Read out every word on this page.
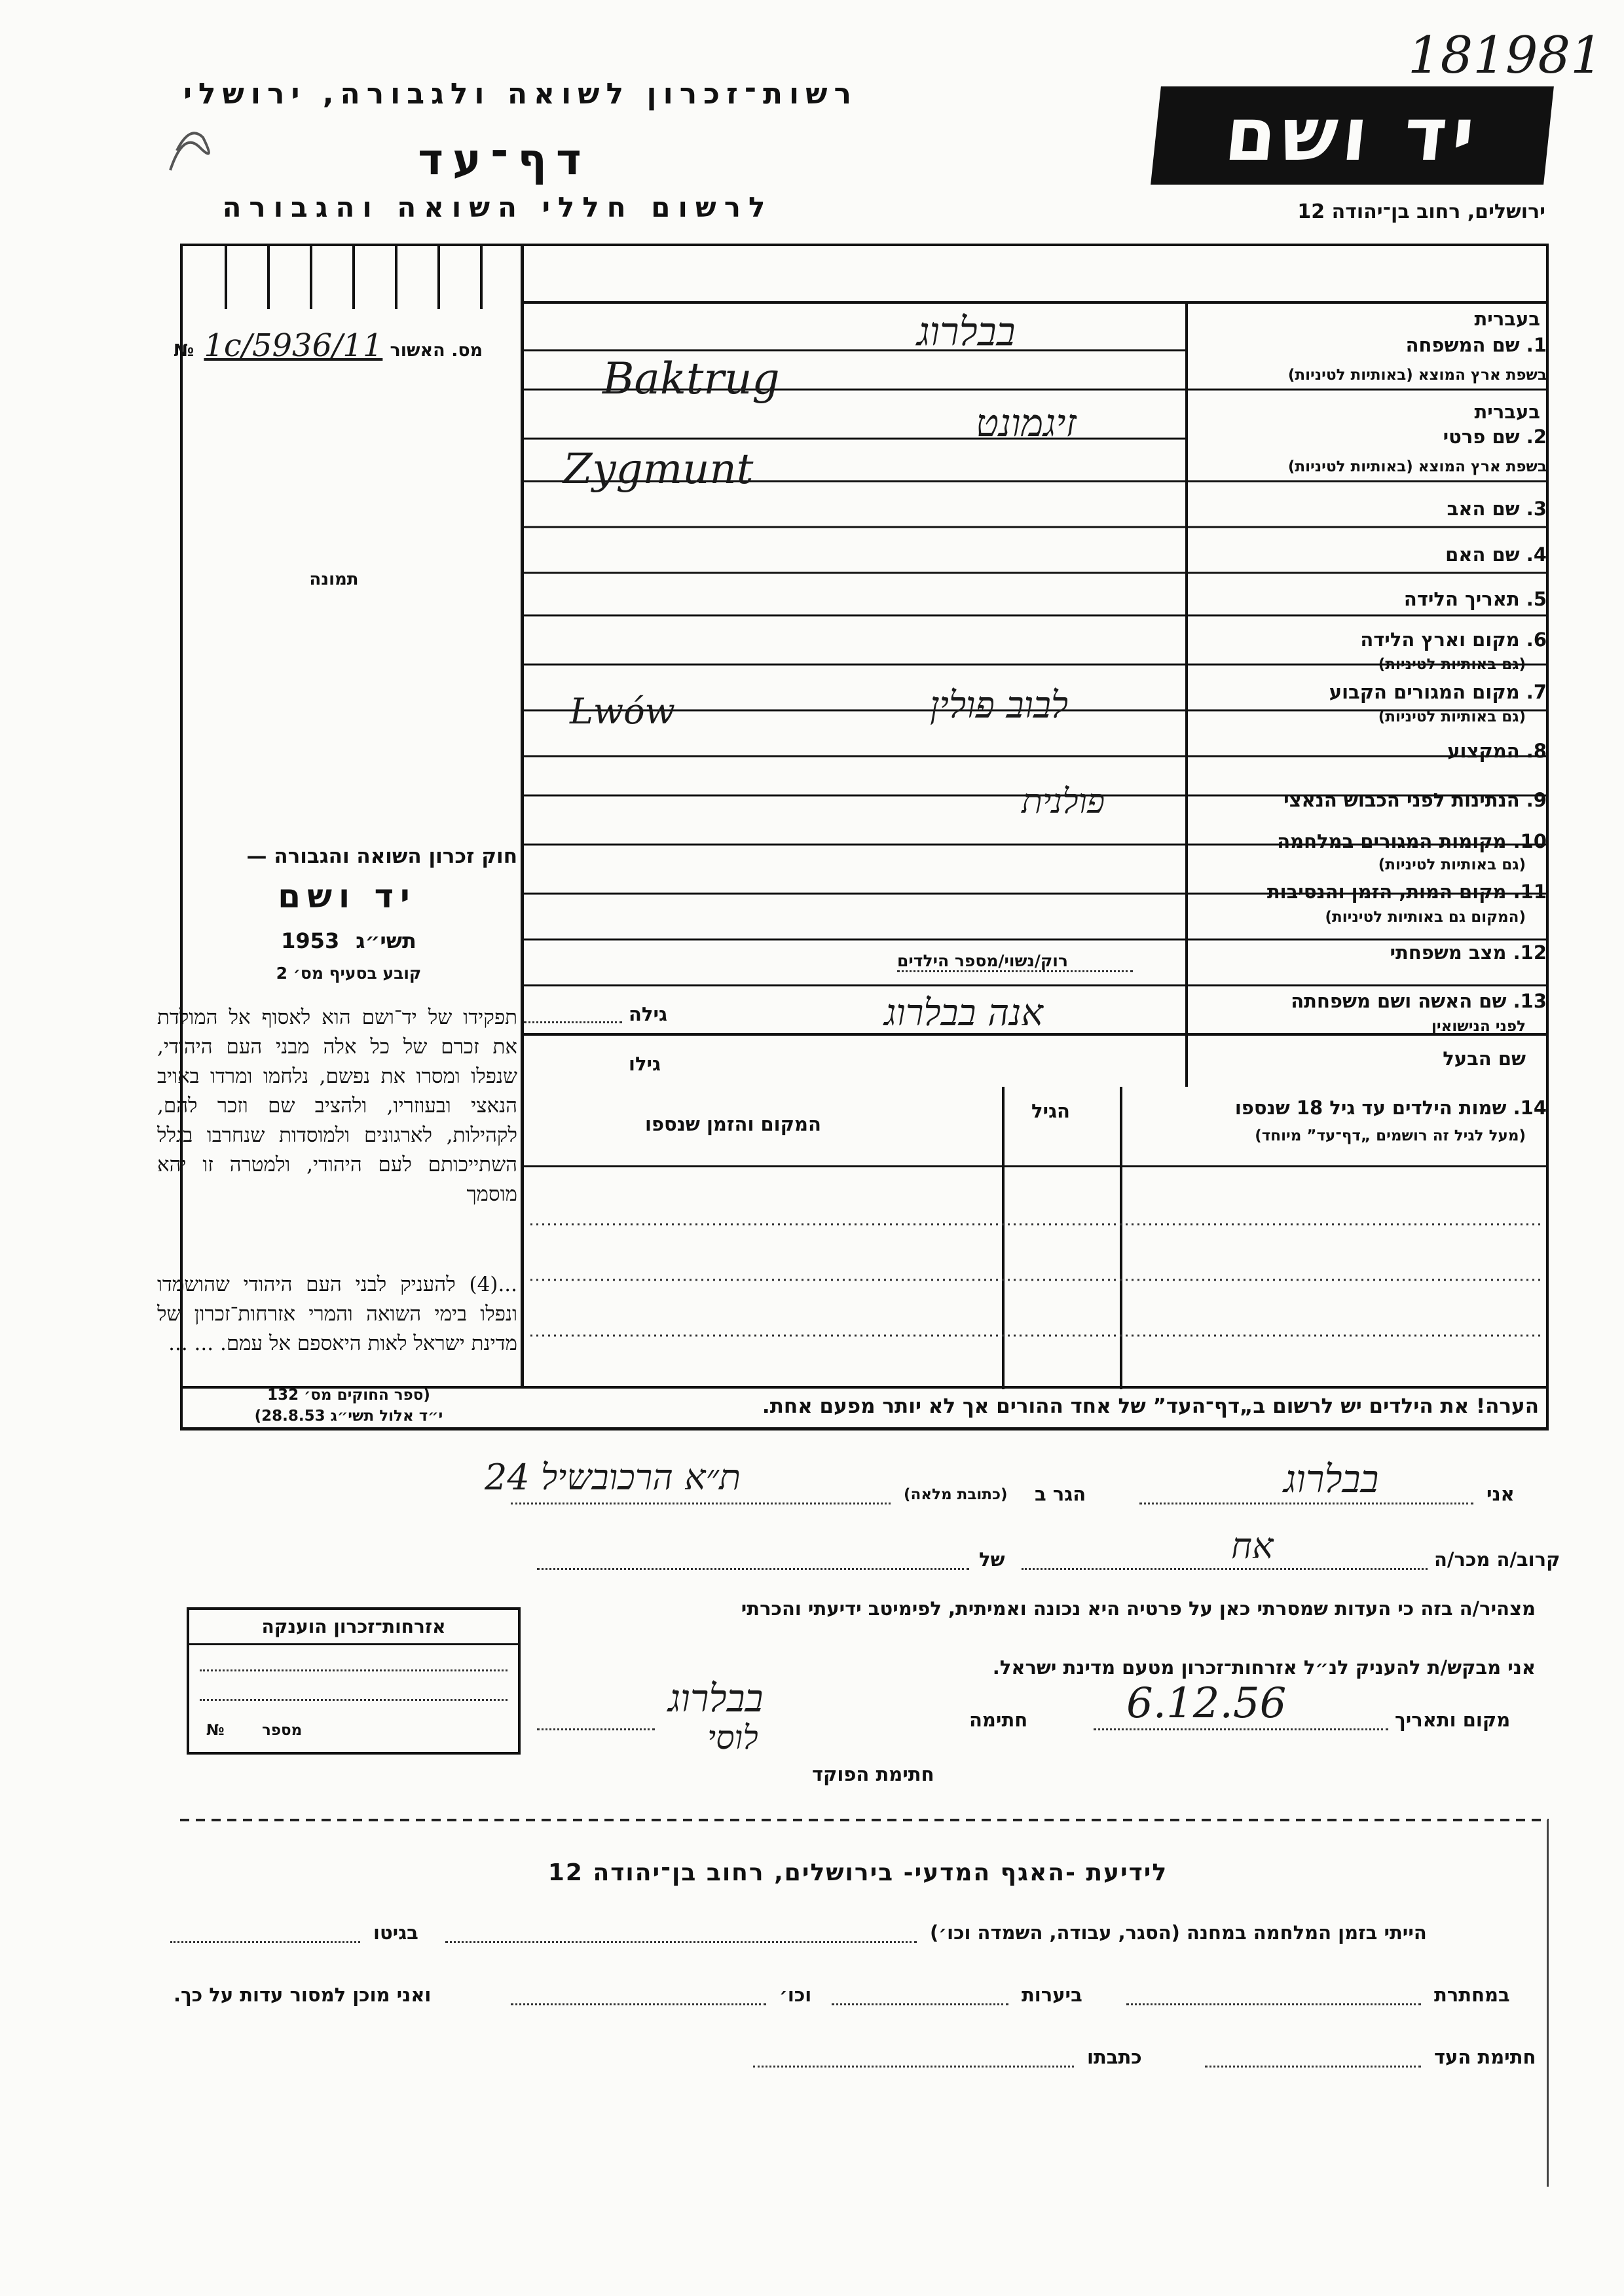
181981
רשות־זכרון לשואה ולגבורה, ירושלי
דף־עד
לרשום חללי השואה והגבורה
יד ושם
ירושלים, רחוב בן־יהודה 12
№ 1c/5936/11 מס. האשור
תמונה
בעברית
1. שם המשפחה
בשפת ארץ המוצא (באותיות לטיניות)
בעברית
2. שם פרטי
בשפת ארץ המוצא (באותיות לטיניות)
3. שם האב
4. שם האם
5. תאריך הלידה
6. מקום וארץ הלידה
(גם באותיות לטיניות)
7. מקום המגורים הקבוע
(גם באותיות לטיניות)
8. המקצוע
9. הנתינות לפני הכבוש הנאצי
10. מקומות המגורים במלחמה
(גם באותיות לטיניות)
11. מקום המות, הזמן והנסיבות
(המקום גם באותיות לטיניות)
12. מצב משפחתי
13. שם האשה ושם משפחתה
לפני הנישואין
שם הבעל
בבלרוג
Baktrug
זיגמונט
Zygmunt
לבוב פולין
Lwów
פולנית
אנה בבלרוג
רוק/נשוי/מספר הילדים
גילה
גילו
14. שמות הילדים עד גיל 18 שנספו
(מעל לגיל זה רושמים „דף־עד” מיוחד)
הגיל
המקום והזמן שנספו
הערה! את הילדים יש לרשום ב„דף־העד” של אחד ההורים אך לא יותר מפעם אחת.
חוק זכרון השואה והגבורה —
יד ושם
1953 תשי״ג
קובע בסעיף מס׳ 2
תפקידו של יד־ושם הוא לאסוף אל המולדת את זכרם של כל אלה מבני העם היהודי, שנפלו ומסרו את נפשם, נלחמו ומרדו באויב הנאצי ובעוזריו, ולהציב שם וזכר להם, לקהילות, לארגונים ולמוסדות שנחרבו בגלל השתייכותם לעם היהודי, ולמטרה זו יהא מוסמך
...(4) להעניק לבני העם היהודי שהושמדו ונפלו בימי השואה והמרי אזרחות־זכרון של מדינת ישראל לאות היאספם אל עמם. ... ...
(ספר החוקים מס׳ 132
י״ד אלול תשי״ג 28.8.53)
אני
בבלרוג
הגר ב
(כתובת מלאה)
ת״א הרכובשיל 24
קרוב/ה מכר/ה
אח
של
מצהיר/ה בזה כי העדות שמסרתי כאן על פרטיה היא נכונה ואמיתית, לפימיטב ידיעתי והכרתי
אני מבקש/ת להעניק לנ״ל אזרחות־זכרון מטעם מדינת ישראל.
מקום ותאריך
6.12.56
חתימה
בבלרוג
לוסי
חתימת הפוקד
אזרחות־זכרון הוענקה
מספר
№
לידיעת -האגף המדעי- בירושלים, רחוב בן־יהודה 12
הייתי בזמן המלחמה במחנה (הסגר, עבודה, השמדה וכו׳)
בגיטו
במחתרת
ביערות
וכו׳
ואני מוכן למסור עדות על כך.
חתימת העד
כתבתו
